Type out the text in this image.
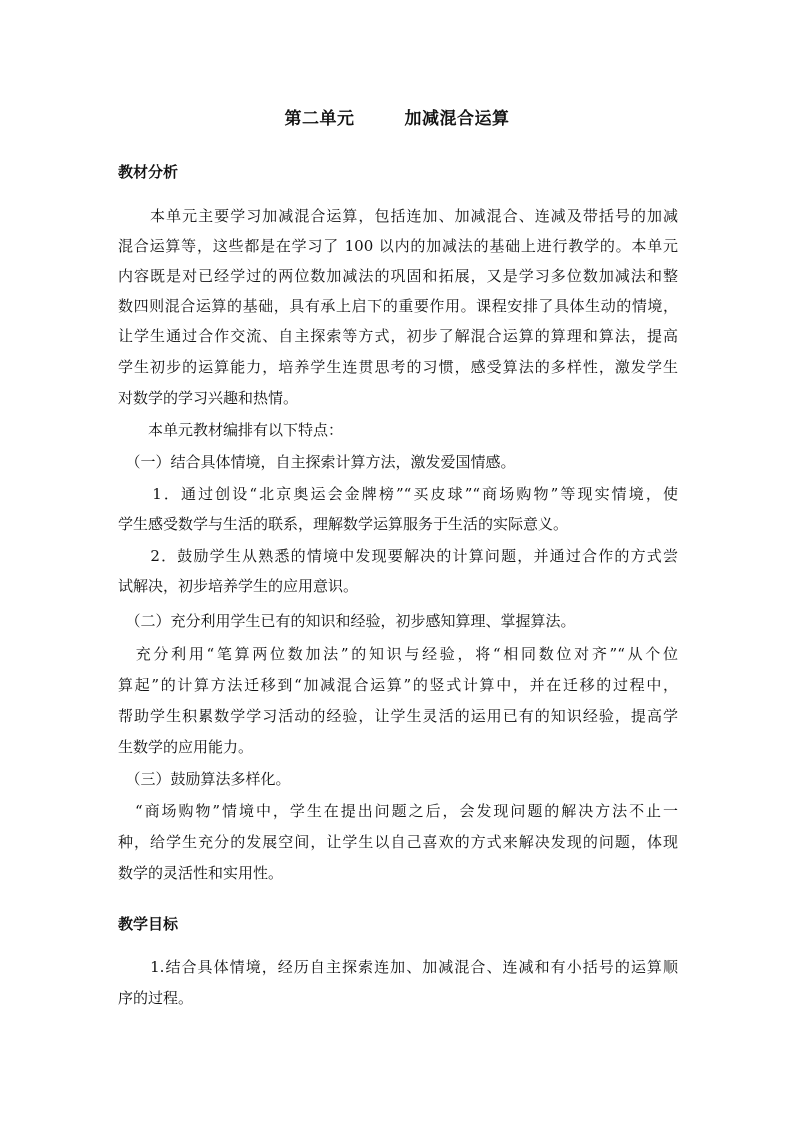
第二单元	加减混合运算
教材分析
　　本单元主要学习加减混合运算，包括连加、加减混合、连减及带括号的加减
混合运算等，这些都是在学习了 100 以内的加减法的基础上进行教学的。本单元
内容既是对已经学过的两位数加减法的巩固和拓展，又是学习多位数加减法和整
数四则混合运算的基础，具有承上启下的重要作用。课程安排了具体生动的情境，
让学生通过合作交流、自主探索等方式，初步了解混合运算的算理和算法，提高
学生初步的运算能力，培养学生连贯思考的习惯，感受算法的多样性，激发学生
对数学的学习兴趣和热情。
　　本单元教材编排有以下特点：
　（一）结合具体情境，自主探索计算方法，激发爱国情感。
　　1．通过创设“北京奥运会金牌榜”“买皮球”“商场购物”等现实情境，使
学生感受数学与生活的联系，理解数学运算服务于生活的实际意义。
　　2．鼓励学生从熟悉的情境中发现要解决的计算问题，并通过合作的方式尝
试解决，初步培养学生的应用意识。
　（二）充分利用学生已有的知识和经验，初步感知算理、掌握算法。
　充分利用“笔算两位数加法”的知识与经验，将“相同数位对齐”“从个位
算起”的计算方法迁移到“加减混合运算”的竖式计算中，并在迁移的过程中，
帮助学生积累数学学习活动的经验，让学生灵活的运用已有的知识经验，提高学
生数学的应用能力。
　（三）鼓励算法多样化。
　“商场购物”情境中，学生在提出问题之后，会发现问题的解决方法不止一
种，给学生充分的发展空间，让学生以自己喜欢的方式来解决发现的问题，体现
数学的灵活性和实用性。
教学目标
　　1.结合具体情境，经历自主探索连加、加减混合、连减和有小括号的运算顺
序的过程。
